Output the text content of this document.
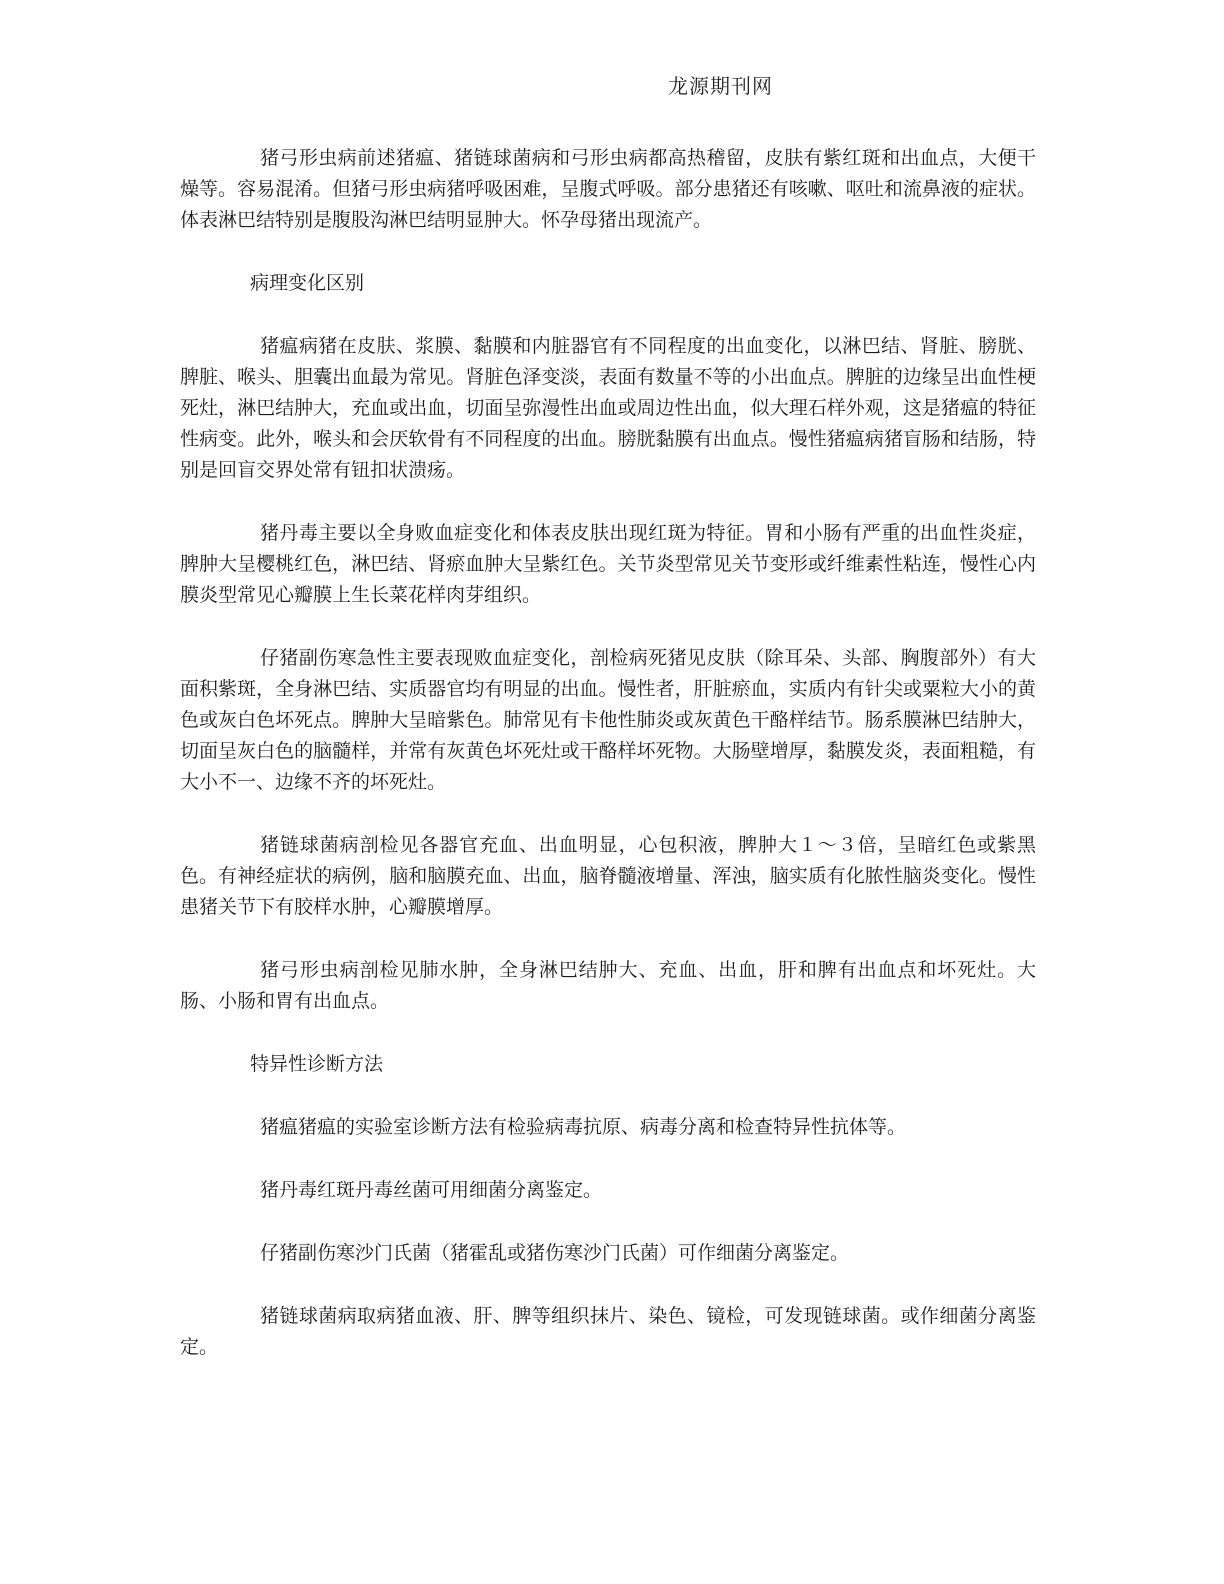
龙源期刊网

猪弓形虫病前述猪瘟、猪链球菌病和弓形虫病都高热稽留，皮肤有紫红斑和出血点，大便干燥等。容易混淆。但猪弓形虫病猪呼吸困难，呈腹式呼吸。部分患猪还有咳嗽、呕吐和流鼻液的症状。体表淋巴结特别是腹股沟淋巴结明显肿大。怀孕母猪出现流产。

病理变化区别

猪瘟病猪在皮肤、浆膜、黏膜和内脏器官有不同程度的出血变化，以淋巴结、肾脏、膀胱、脾脏、喉头、胆囊出血最为常见。肾脏色泽变淡，表面有数量不等的小出血点。脾脏的边缘呈出血性梗死灶，淋巴结肿大，充血或出血，切面呈弥漫性出血或周边性出血，似大理石样外观，这是猪瘟的特征性病变。此外，喉头和会厌软骨有不同程度的出血。膀胱黏膜有出血点。慢性猪瘟病猪盲肠和结肠，特别是回盲交界处常有钮扣状溃疡。

猪丹毒主要以全身败血症变化和体表皮肤出现红斑为特征。胃和小肠有严重的出血性炎症，脾肿大呈樱桃红色，淋巴结、肾瘀血肿大呈紫红色。关节炎型常见关节变形或纤维素性粘连，慢性心内膜炎型常见心瓣膜上生长菜花样肉芽组织。

仔猪副伤寒急性主要表现败血症变化，剖检病死猪见皮肤（除耳朵、头部、胸腹部外）有大面积紫斑，全身淋巴结、实质器官均有明显的出血。慢性者，肝脏瘀血，实质内有针尖或粟粒大小的黄色或灰白色坏死点。脾肿大呈暗紫色。肺常见有卡他性肺炎或灰黄色干酪样结节。肠系膜淋巴结肿大，切面呈灰白色的脑髓样，并常有灰黄色坏死灶或干酪样坏死物。大肠壁增厚，黏膜发炎，表面粗糙，有大小不一、边缘不齐的坏死灶。

猪链球菌病剖检见各器官充血、出血明显，心包积液，脾肿大１～３倍，呈暗红色或紫黑色。有神经症状的病例，脑和脑膜充血、出血，脑脊髓液增量、浑浊，脑实质有化脓性脑炎变化。慢性患猪关节下有胶样水肿，心瓣膜增厚。

猪弓形虫病剖检见肺水肿，全身淋巴结肿大、充血、出血，肝和脾有出血点和坏死灶。大肠、小肠和胃有出血点。

特异性诊断方法

猪瘟猪瘟的实验室诊断方法有检验病毒抗原、病毒分离和检查特异性抗体等。

猪丹毒红斑丹毒丝菌可用细菌分离鉴定。

仔猪副伤寒沙门氏菌（猪霍乱或猪伤寒沙门氏菌）可作细菌分离鉴定。

猪链球菌病取病猪血液、肝、脾等组织抹片、染色、镜检，可发现链球菌。或作细菌分离鉴定。
